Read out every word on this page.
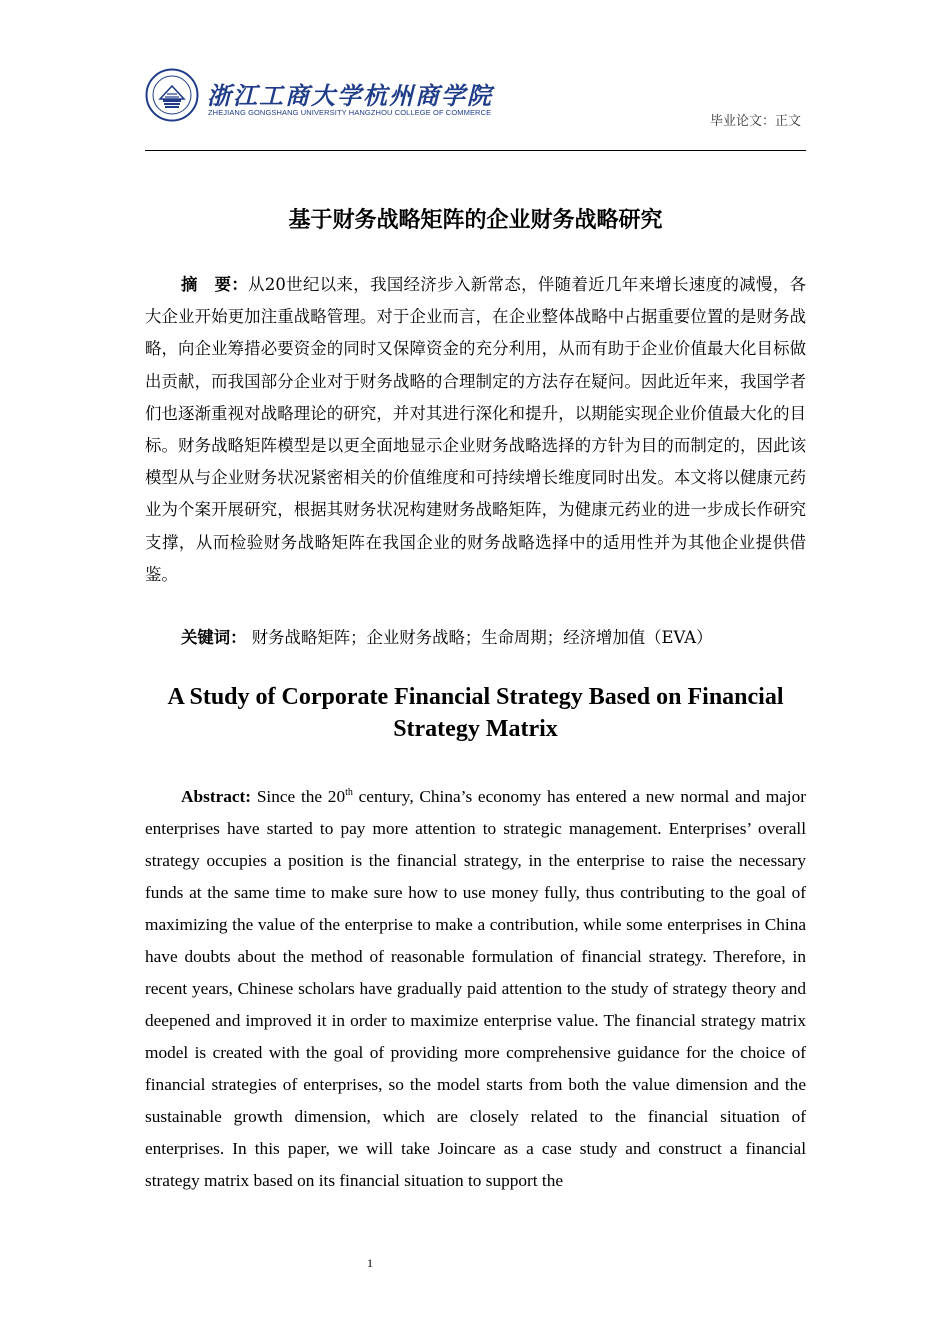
浙江工商大学杭州商学院
ZHEJIANG GONGSHANG UNIVERSITY HANGZHOU COLLEGE OF COMMERCE
毕业论文：正文
基于财务战略矩阵的企业财务战略研究
摘　要：从20世纪以来，我国经济步入新常态，伴随着近几年来增长速度的减慢，各大企业开始更加注重战略管理。对于企业而言，在企业整体战略中占据重要位置的是财务战略，向企业筹措必要资金的同时又保障资金的充分利用，从而有助于企业价值最大化目标做出贡献，而我国部分企业对于财务战略的合理制定的方法存在疑问。因此近年来，我国学者们也逐渐重视对战略理论的研究，并对其进行深化和提升，以期能实现企业价值最大化的目标。财务战略矩阵模型是以更全面地显示企业财务战略选择的方针为目的而制定的，因此该模型从与企业财务状况紧密相关的价值维度和可持续增长维度同时出发。本文将以健康元药业为个案开展研究，根据其财务状况构建财务战略矩阵，为健康元药业的进一步成长作研究支撑，从而检验财务战略矩阵在我国企业的财务战略选择中的适用性并为其他企业提供借鉴。
关键词： 财务战略矩阵；企业财务战略；生命周期；经济增加值（EVA）
A Study of Corporate Financial Strategy Based on Financial Strategy Matrix
Abstract: Since the 20th century, China’s economy has entered a new normal and major enterprises have started to pay more attention to strategic management. Enterprises’ overall strategy occupies a position is the financial strategy, in the enterprise to raise the necessary funds at the same time to make sure how to use money fully, thus contributing to the goal of maximizing the value of the enterprise to make a contribution, while some enterprises in China have doubts about the method of reasonable formulation of financial strategy. Therefore, in recent years, Chinese scholars have gradually paid attention to the study of strategy theory and deepened and improved it in order to maximize enterprise value. The financial strategy matrix model is created with the goal of providing more comprehensive guidance for the choice of financial strategies of enterprises, so the model starts from both the value dimension and the sustainable growth dimension, which are closely related to the financial situation of enterprises. In this paper, we will take Joincare as a case study and construct a financial strategy matrix based on its financial situation to support the
1
